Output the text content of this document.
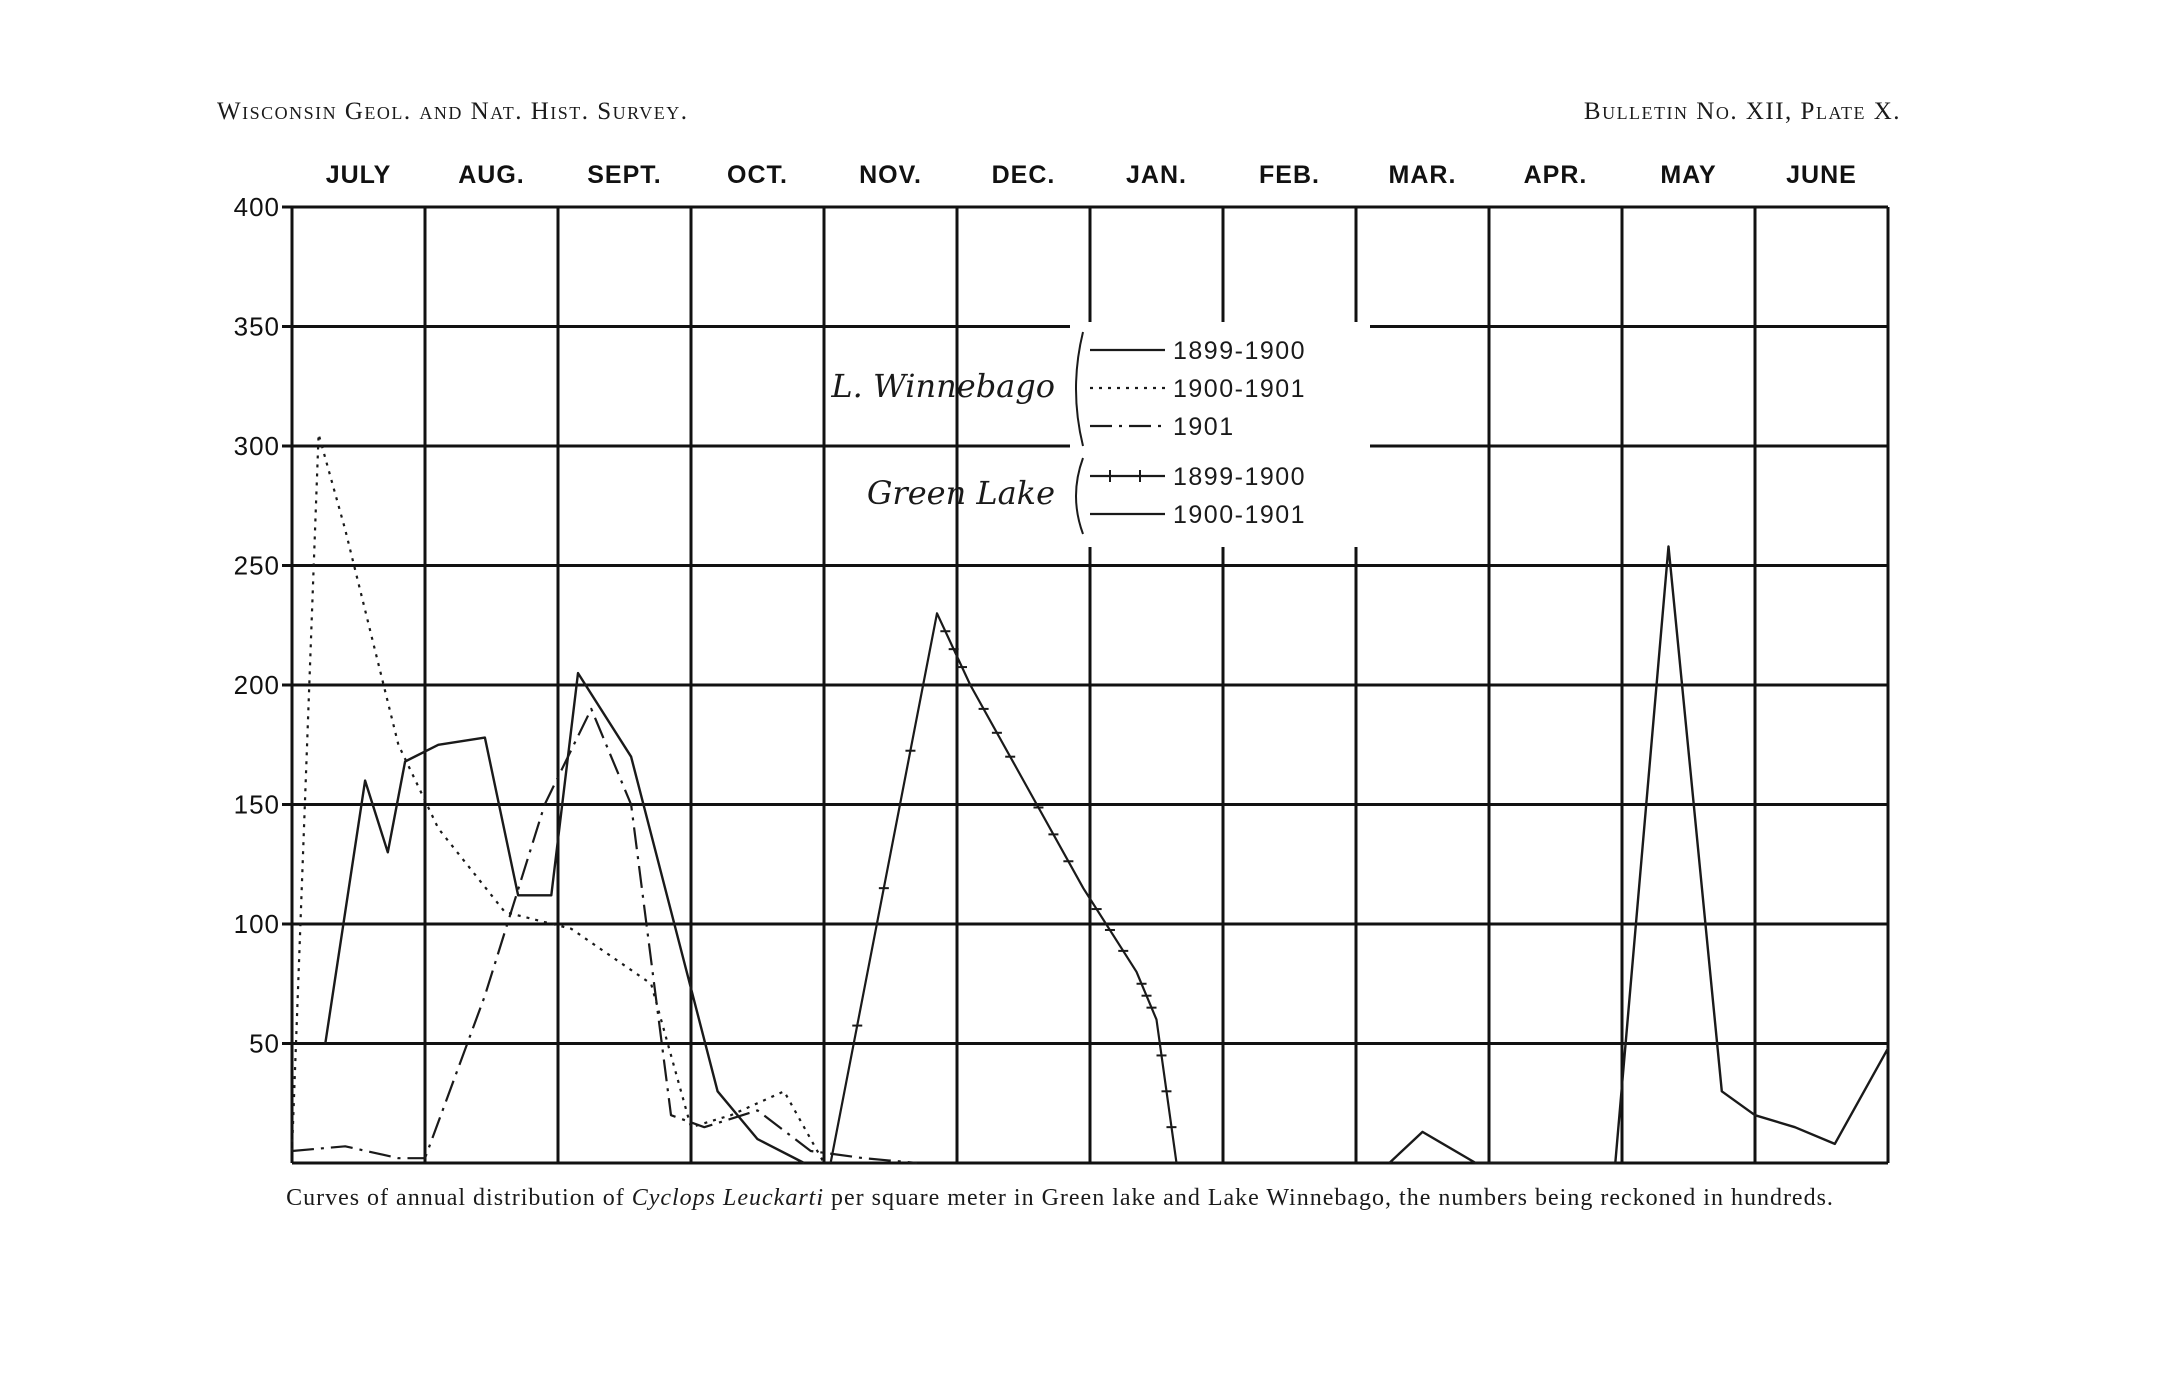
Wisconsin Geol. and Nat. Hist. Survey.	Bulletin No. XII, Plate X.
JULY	AUG.	SEPT.	OCT.	NOV.	DEC.	JAN.	FEB.	MAR.	APR.	MAY	JUNE
50
100
150
200
250
300
350
400
L. Winnebago
1899-1900
1900-1901
1901
Green Lake	1899-1900
1900-1901
Curves of annual distribution of Cyclops Leuckarti per square meter in Green lake and Lake Winnebago, the numbers being reckoned in hundreds.
